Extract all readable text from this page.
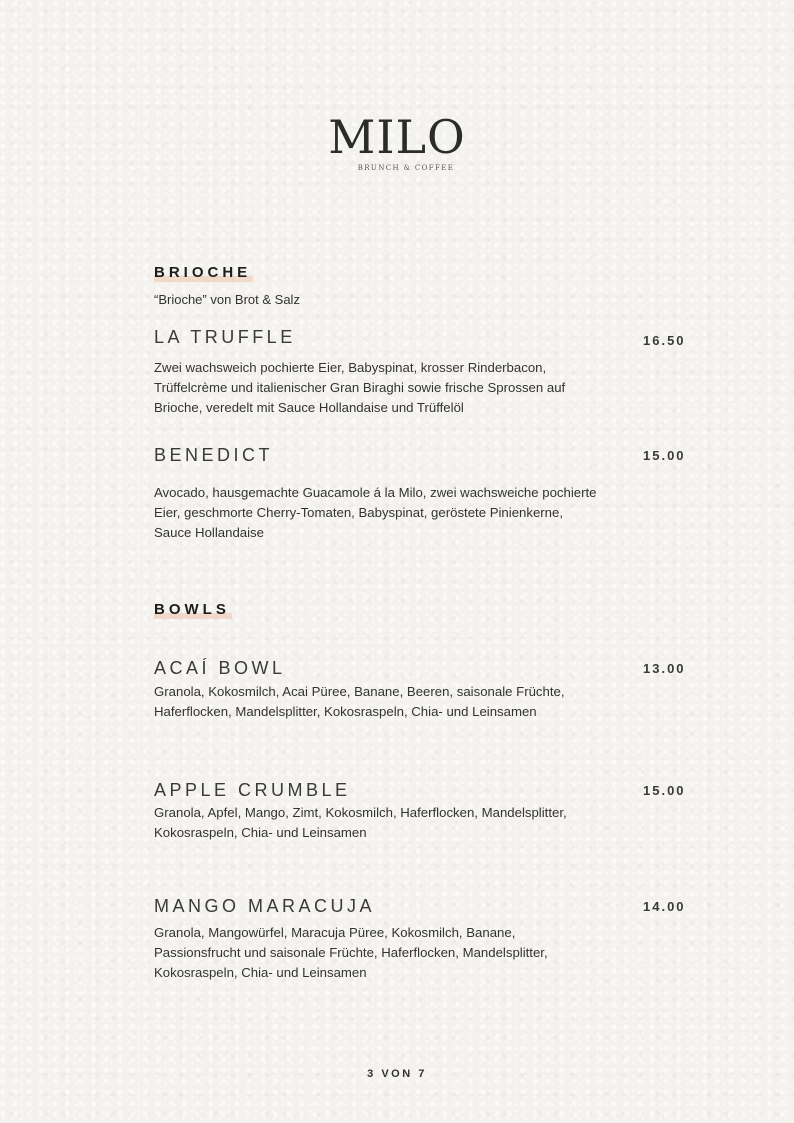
MILO
BRUNCH & COFFEE
BRIOCHE
“Brioche” von Brot & Salz
LA TRUFFLE	16.50
Zwei wachsweich pochierte Eier, Babyspinat, krosser Rinderbacon, Trüffelcrème und italienischer Gran Biraghi sowie frische Sprossen auf Brioche, veredelt mit Sauce Hollandaise und Trüffelöl
BENEDICT	15.00
Avocado, hausgemachte Guacamole á la Milo, zwei wachsweiche pochierte Eier, geschmorte Cherry-Tomaten, Babyspinat, geröstete Pinienkerne, Sauce Hollandaise
BOWLS
ACAÍ BOWL	13.00
Granola, Kokosmilch, Acai Püree, Banane, Beeren, saisonale Früchte, Haferflocken, Mandelsplitter, Kokosraspeln, Chia- und Leinsamen
APPLE CRUMBLE	15.00
Granola, Apfel, Mango, Zimt, Kokosmilch, Haferflocken, Mandelsplitter, Kokosraspeln, Chia- und Leinsamen
MANGO MARACUJA	14.00
Granola, Mangowürfel, Maracuja Püree, Kokosmilch, Banane, Passionsfrucht und saisonale Früchte, Haferflocken, Mandelsplitter, Kokosraspeln, Chia- und Leinsamen
3 VON 7
